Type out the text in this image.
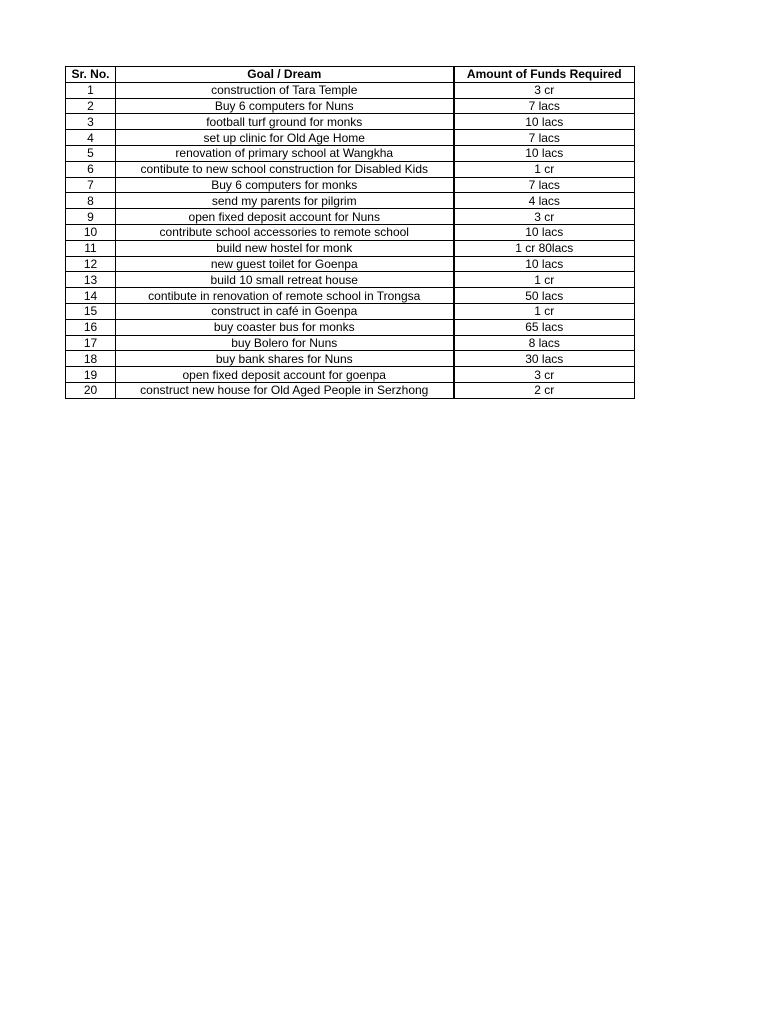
Sr. No.	Goal / Dream	Amount of Funds Required
1	construction of Tara Temple	3 cr
2	Buy 6 computers for Nuns	7 lacs
3	football turf ground for monks	10 lacs
4	set up clinic for Old Age Home	7 lacs
5	renovation of primary school at Wangkha	10 lacs
6	contibute to new school construction for Disabled Kids	1 cr
7	Buy 6 computers for monks	7 lacs
8	send my parents for pilgrim	4 lacs
9	open fixed deposit account for Nuns	3 cr
10	contribute school accessories to remote school	10 lacs
11	build new hostel for monk	1 cr 80lacs
12	new guest toilet for Goenpa	10 lacs
13	build 10 small retreat house	1 cr
14	contibute in renovation of remote school in Trongsa	50 lacs
15	construct in café in Goenpa	1 cr
16	buy coaster bus for monks	65 lacs
17	buy Bolero for Nuns	8 lacs
18	buy bank shares for Nuns	30 lacs
19	open fixed deposit account for goenpa	3 cr
20	construct new house for Old Aged People in Serzhong	2 cr
